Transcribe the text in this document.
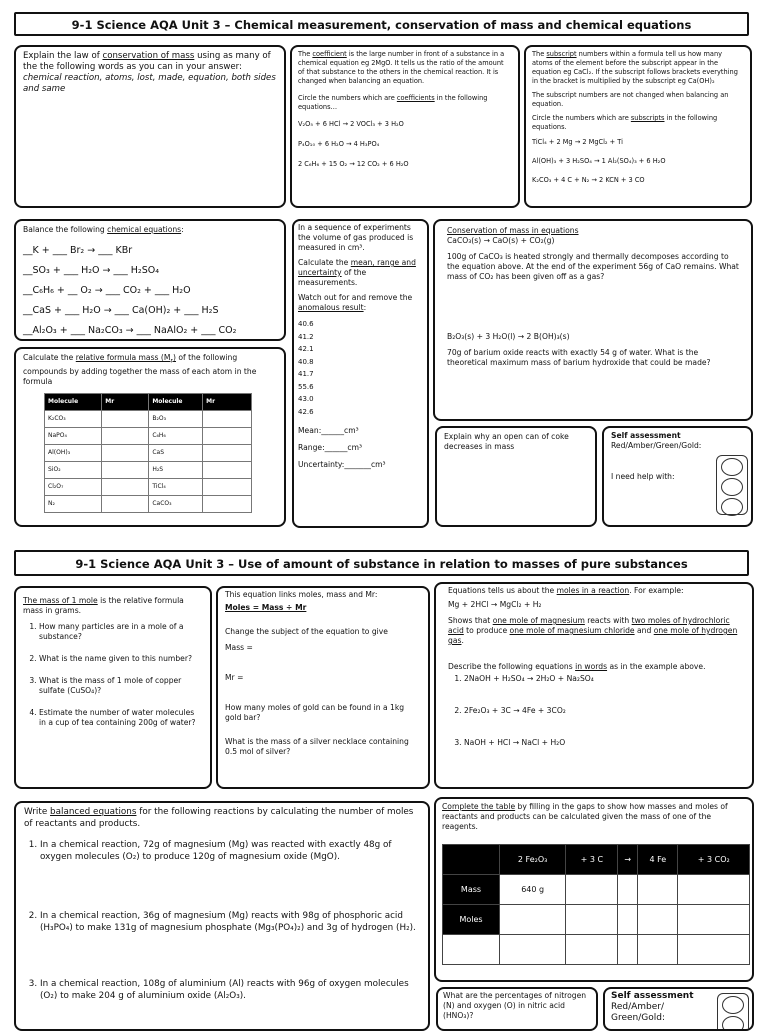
9-1 Science AQA Unit 3 – Chemical measurement, conservation of mass and chemical equations
Explain the law of conservation of mass using as many of the the following words as you can in your answer:
chemical reaction, atoms, lost, made, equation, both sides and same
The coefficient is the large number in front of a substance in a chemical equation eg 2MgO. It tells us the ratio of the amount of that substance to the others in the chemical reaction. It is changed when balancing an equation.
Circle the numbers which are coefficients in the following equations…
V₂O₅ + 6 HCl → 2 VOCl₃ + 3 H₂O
P₄O₁₀ + 6 H₂O → 4 H₃PO₄
2 C₆H₆ + 15 O₂ → 12 CO₂ + 6 H₂O
The subscript numbers within a formula tell us how many atoms of the element before the subscript appear in the equation eg CaCl₂. If the subscript follows brackets everything in the bracket is multiplied by the subscript eg Ca(OH)₂
The subscript numbers are not changed when balancing an equation.
Circle the numbers which are subscripts in the following equations.
TiCl₄ + 2 Mg → 2 MgCl₂ + Ti
Al(OH)₃ + 3 H₂SO₄ → 1 Al₂(SO₄)₃ + 6 H₂O
K₂CO₃ + 4 C + N₂ → 2 KCN + 3 CO
Balance the following chemical equations:
__K + ___ Br₂ → ___ KBr
__SO₃ + ___ H₂O → ___ H₂SO₄
__C₆H₆ + __ O₂ → ___ CO₂ + ___ H₂O
__CaS + ___ H₂O → ___ Ca(OH)₂ + ___ H₂S
__Al₂O₃ + ___ Na₂CO₃ → ___ NaAlO₂ + ___ CO₂
In a sequence of experiments the volume of gas produced is measured in cm³.
Calculate the mean, range and uncertainty of the measurements.
Watch out for and remove the anomalous result:
40.6
41.2
42.1
40.8
41.7
55.6
43.0
42.6
Mean:______cm³
Range:______cm³
Uncertainty:_______cm³
Conservation of mass in equations
CaCO₃(s) → CaO(s) + CO₂(g)
100g of CaCO₃ is heated strongly and thermally decomposes according to the equation above. At the end of the experiment 56g of CaO remains. What mass of CO₂ has been given off as a gas?
B₂O₃(s) + 3 H₂O(l) → 2 B(OH)₃(s)
70g of barium oxide reacts with exactly 54 g of water. What is the theoretical maximum mass of barium hydroxide that could be made?
Calculate the relative formula mass $(M_r)$ of the following compounds by adding together the mass of each atom in the formula
Molecule	Mr	Molecule	Mr
K₂CO₃		B₂O₃	
NaPO₄		C₆H₆	
Al(OH)₃		CaS	
SiO₂		H₂S	
Cl₂O₇		TiCl₄	
N₂		CaCO₃	
Explain why an open can of coke decreases in mass
Self assessment
Red/Amber/Green/Gold:
I need help with:
9-1 Science AQA Unit 3 – Use of amount of substance in relation to masses of pure substances
The mass of 1 mole is the relative formula mass in grams.
1. How many particles are in a mole of a substance?
2. What is the name given to this number?
3. What is the mass of 1 mole of copper sulfate (CuSO₄)?
4. Estimate the number of water molecules in a cup of tea containing 200g of water?
This equation links moles, mass and Mr:
Moles = Mass ÷ Mr
Change the subject of the equation to give
Mass =
Mr =
How many moles of gold can be found in a 1kg gold bar?
What is the mass of a silver necklace containing 0.5 mol of silver?
Equations tells us about the moles in a reaction. For example:
Mg + 2HCl → MgCl₂ + H₂
Shows that one mole of magnesium reacts with two moles of hydrochloric acid to produce one mole of magnesium chloride and one mole of hydrogen gas.
Describe the following equations in words as in the example above.
1. 2NaOH + H₂SO₄ → 2H₂O + Na₂SO₄
2. 2Fe₂O₃ + 3C → 4Fe + 3CO₂
3. NaOH + HCl → NaCl + H₂O
Write balanced equations for the following reactions by calculating the number of moles of reactants and products.
1. In a chemical reaction, 72g of magnesium (Mg) was reacted with exactly 48g of oxygen molecules (O₂) to produce 120g of magnesium oxide (MgO).
2. In a chemical reaction, 36g of magnesium (Mg) reacts with 98g of phosphoric acid (H₃PO₄) to make 131g of magnesium phosphate (Mg₃(PO₄)₂) and 3g of hydrogen (H₂).
3. In a chemical reaction, 108g of aluminium (Al) reacts with 96g of oxygen molecules (O₂) to make 204 g of aluminium oxide (Al₂O₃).
Complete the table by filling in the gaps to show how masses and moles of reactants and products can be calculated given the mass of one of the reagents.
	2 Fe₂O₃	+ 3 C	→	4 Fe	+ 3 CO₂
Mass	640 g				
Moles					

What are the percentages of nitrogen (N) and oxygen (O) in nitric acid (HNO₃)?
Self assessment
Red/Amber/ Green/Gold:
